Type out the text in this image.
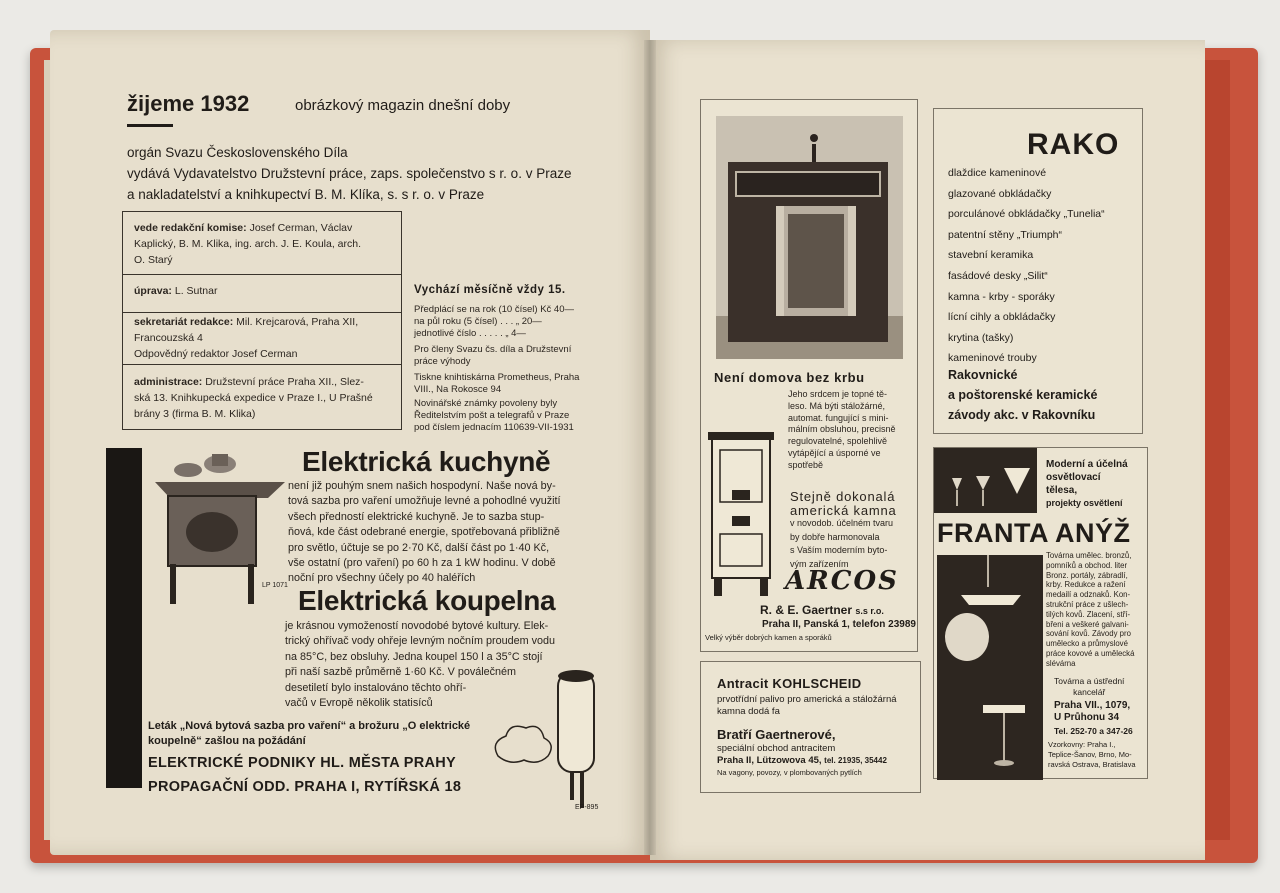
žijeme 1932	obrázkový magazin dnešní doby
orgán Svazu Československého Díla
vydává Vydavatelstvo Družstevní práce, zaps. společenstvo s r. o. v Praze
a nakladatelství a knihkupectví B. M. Klíka, s. s r. o. v Praze
vede redakční komise: Josef Cerman, Václav
Kaplický, B. M. Klika, ing. arch. J. E. Koula, arch.
O. Starý
úprava: L. Sutnar
sekretariát redakce: Mil. Krejcarová, Praha XII,
Francouzská 4
Odpovědný redaktor Josef Cerman
administrace: Družstevní práce Praha XII., Slez-
ská 13. Knihkupecká expedice v Praze I., U Prašné
brány 3 (firma B. M. Klika)
Vychází měsíčně vždy 15.
Předplácí se na rok (10 čísel) Kč 40—
na půl roku (5 čísel) . . . „ 20—
jednotlivé číslo . . . . . „ 4—
Pro členy Svazu čs. díla a Družstevní
práce výhody
Tiskne knihtiskárna Prometheus, Praha
VIII., Na Rokosce 94
Novinářské známky povoleny byly
Ředitelstvím pošt a telegrafů v Praze
pod číslem jednacím 110639-VII-1931
LP 1071
Elektrická kuchyně
není již pouhým snem našich hospodyní. Naše nová by-
tová sazba pro vaření umožňuje levné a pohodlné využití
všech předností elektrické kuchyně. Je to sazba stup-
ňová, kde část odebrané energie, spotřebovaná přibližně
pro světlo, účtuje se po 2·70 Kč, další část po 1·40 Kč,
vše ostatní (pro vaření) po 60 h za 1 kW hodinu. V době
noční pro všechny účely po 40 haléřích
Elektrická koupelna
je krásnou vymožeností novodobé bytové kultury. Elek-
trický ohřívač vody ohřeje levným nočním proudem vodu
na 85°C, bez obsluhy. Jedna koupel 150 l a 35°C stojí
při naší sazbě průměrně 1·60 Kč. V poválečném
desetiletí bylo instalováno těchto ohří-
vačů v Evropě několik statisíců
EP-895
Leták „Nová bytová sazba pro vaření“ a brožuru „O elektrické
koupelně“ zašlou na požádání
ELEKTRICKÉ PODNIKY HL. MĚSTA PRAHY
PROPAGAČNÍ ODD. PRAHA I, RYTÍŘSKÁ 18
Není domova bez krbu
Jeho srdcem je topné tě-
leso. Má býti stáložárné,
automat. fungující s mini-
málním obsluhou, precisně
regulovatelné, spolehlivě
vytápějící a úsporné ve
spotřebě
Stejně dokonalá
americká kamna
v novodob. účelném tvaru
by dobře harmonovala
s Vaším moderním byto-
vým zařízením
ARCOS
R. & E. Gaertner s.s r.o.
Praha II, Panská 1, telefon 23989
Velký výběr dobrých kamen a sporáků
RAKO
dlaždice kameninové
glazované obkládačky
porculánové obkládačky „Tunelia“
patentní stěny „Triumph“
stavební keramika
fasádové desky „Silit“
kamna - krby - sporáky
lícní cihly a obkládačky
krytina (tašky)
kameninové trouby
Rakovnické
a poštorenské keramické
závody akc. v Rakovníku
Antracit KOHLSCHEID
prvotřídní palivo pro americká a stáložárná
kamna dodá fa
Bratří Gaertnerové,
speciální obchod antracitem
Praha II, Lützowova 45, tel. 21935, 35442
Na vagony, povozy, v plombovaných pytlích
Moderní a účelná
osvětlovací
tělesa,
projekty osvětlení
FRANTA ANÝŽ
Továrna umělec. bronzů,
pomníků a obchod. liter
Bronz. portály, zábradlí,
krby. Redukce a ražení
medailí a odznaků. Kon-
strukční práce z ušlech-
tilých kovů. Zlacení, stří-
břeni a veškeré galvani-
sování kovů. Závody pro
umělecko a průmyslové
práce kovové a umělecká
slévárna
Továrna a ústřední
kancelář
Praha VII., 1079,
U Průhonu 34
Tel. 252-70 a 347-26
Vzorkovny: Praha I.,
Teplice-Šanov, Brno, Mo-
ravská Ostrava, Bratislava
